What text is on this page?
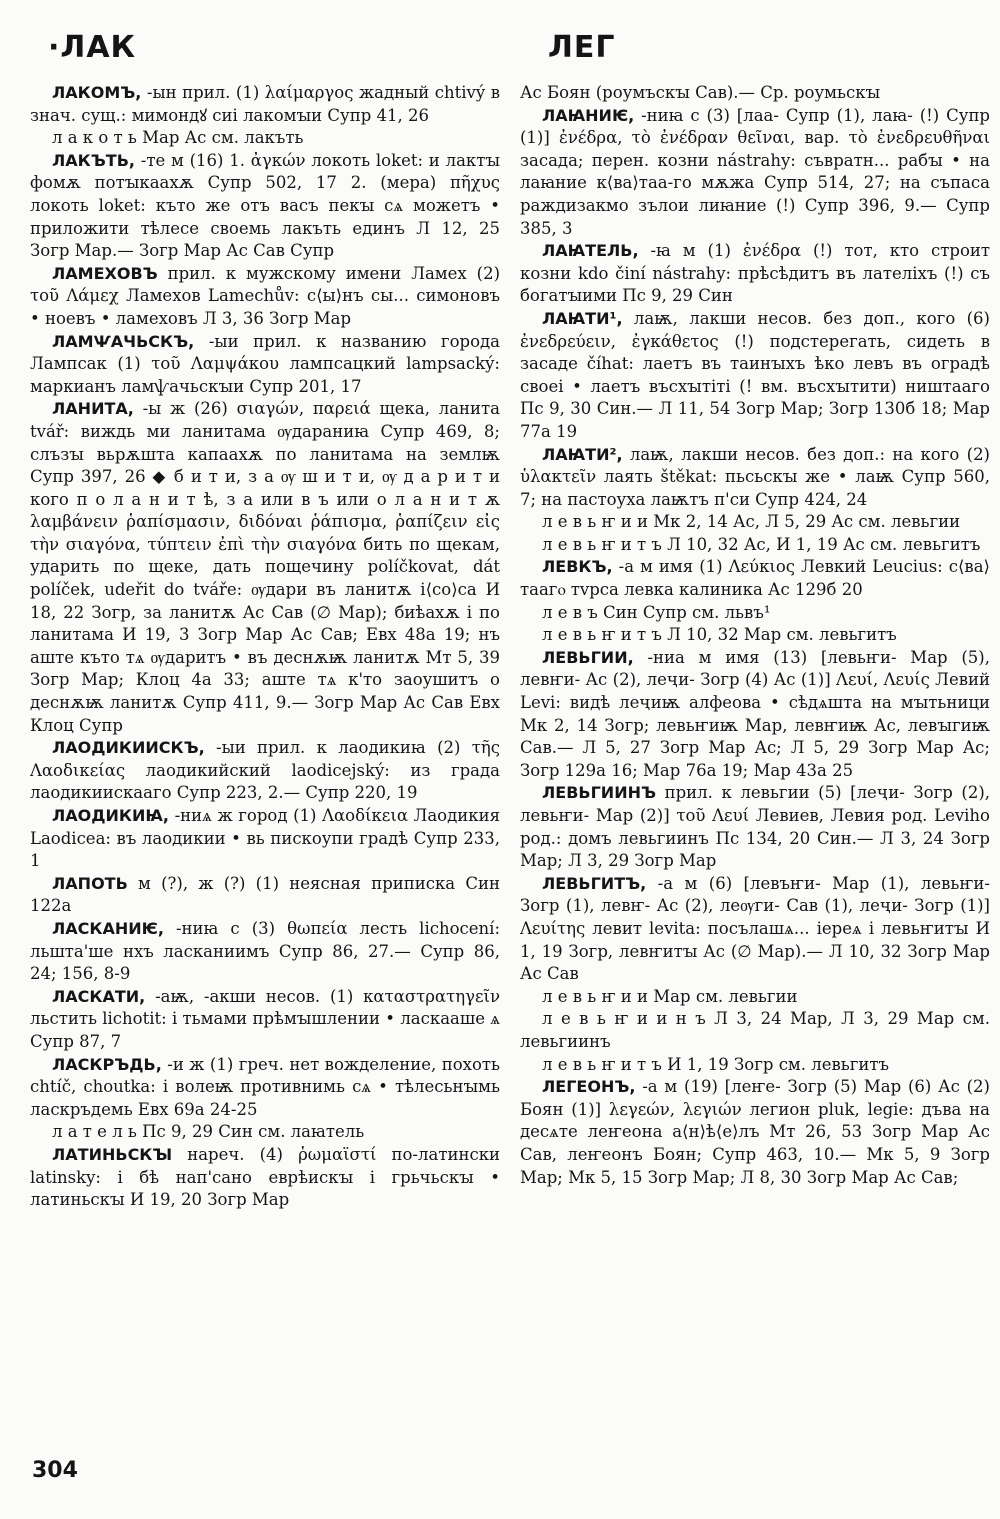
·ЛАК	ЛЕГ

ЛАКОМЪ, -ын прил. (1) λαίμαργος жадный chtivý в знач. сущ.: мимондꙋ сиі лакомꙑи Супр 41, 26

л а к о т ь Мар Ас см. лакъть

ЛАКЪТЬ, -те м (16) 1. ἀγκών локоть loket: и лактꙑ фомѫ потꙑкаахѫ Супр 502, 17 2. (мера) πῆχυς локоть loket: къто же отъ васъ пекꙑ сѧ можетъ • приложити тѣлесе своемь лакъть единъ Л 12, 25 Зогр Мар.— Зогр Мар Ас Сав Супр

ЛАМЕХОВЪ прил. к мужскому имени Ламех (2) τοῦ Λάμεχ Ламехов Lamechův: с⟨ы⟩нъ сы... симоновъ • ноевъ • ламеховъ Л 3, 36 Зогр Мар

ЛАМѰАЧЬСКЪ, -ыи прил. к названию города Лампсак (1) τοῦ Λαμψάκου лампсацкий lampsacký: маркианъ ламѱачьскꙑи Супр 201, 17

ЛАНИТА, -ы ж (26) σιαγών, παρειά щека, ланита tvář: виждь ми ланитама ѹдараниꙗ Супр 469, 8; слъзꙑ вьрѫшта капаахѫ по ланитама на землѭ Супр 397, 26 ◆ б и т и, з а ѹ ш и т и, ѹ д а р и т и кого п о л а н и т ѣ, з а или в ъ или о л а н и т ѫ λαμβάνειν ῥαπίσμασιν, διδόναι ῥάπισμα, ῥαπίζειν εἰς τὴν σιαγόνα, τύπτειν ἐπὶ τὴν σιαγόνα бить по щекам, ударить по щеке, дать пощечину políčkovat, dát políček, udeřit do tváře: ѹдари въ ланитѫ і⟨со⟩са И 18, 22 Зогр, за ланитѫ Ас Сав (∅ Мар); биѣахѫ і по ланитама И 19, 3 Зогр Мар Ас Сав; Евх 48а 19; нъ аште къто тѧ ѹдаритъ • въ деснѫѭ ланитѫ Мт 5, 39 Зогр Мар; Клоц 4а 33; аште тѧ к'то заоушитъ о деснѫѭ ланитѫ Супр 411, 9.— Зогр Мар Ас Сав Евх Клоц Супр

ЛАОДИКИИСКЪ, -ыи прил. к лаодикиꙗ (2) τῆς Λαοδικείας лаодикийский laodicejský: из града лаодикиискааго Супр 223, 2.— Супр 220, 19

ЛАОДИКИꙖ, -ниѧ ж город (1) Λαοδίκεια Лаодикия Laodicea: въ лаодикии • вь пискоупи градѣ Супр 233, 1

ЛАПОТЬ м (?), ж (?) (1) неясная приписка Син 122а

ЛАСКАНИѤ, -ниꙗ с (3) θωπεία лесть lichocení: льшта'ше нхъ ласканиимъ Супр 86, 27.— Супр 86, 24; 156, 8-9

ЛАСКАТИ, -аѭ, -акши несов. (1) καταστρατηγεῖν льстить lichotit: і тьмами прѣмꙑшлении • ласкааше ѧ Супр 87, 7

ЛАСКРЪДЬ, -и ж (1) греч. нет вожделение, похоть chtíč, choutka: і волеѭ противнимь сѧ • тѣлесьнꙑмь ласкръдемь Евх 69а 24-25

л а т е л ь Пс 9, 29 Син см. лаꙗтель

ЛАТИНЬСКꙐ нареч. (4) ῥωμαϊστί по-латински latinsky: і бѣ нап'сано еврѣискꙑ і грьчьскꙑ • латиньскꙑ И 19, 20 Зогр Мар

Ас Боян (роумъскꙑ Сав).— Ср. роумьскꙑ

ЛАꙖНИѤ, -ниꙗ с (3) [лаа- Супр (1), лаꙗ- (!) Супр (1)] ἐνέδρα, τὸ ἐνέδραν θεῖναι, вар. τὸ ἐνεδρευθῆναι засада; перен. козни nástrahy: съвратн... рабꙑ • на лаꙗние к⟨ва⟩таа-го мѫжа Супр 514, 27; на съпаса раждизакмо зълои лиꙗние (!) Супр 396, 9.— Супр 385, 3

ЛАꙖТЕЛЬ, -ꙗ м (1) ἐνέδρα (!) тот, кто строит козни kdo činí nástrahy: прѣсѣдитъ въ лателіхъ (!) съ богатꙑими Пс 9, 29 Син

ЛАꙖТИ¹, лаѭ, лакши несов. без доп., кого (6) ἐνεδρεύειν, ἐγκάθετος (!) подстерегать, сидеть в засаде číhat: лаетъ въ таинꙑхъ ѣко левъ въ оградѣ своеі • лаетъ въсхꙑтіті (! вм. въсхꙑтити) ништааго Пс 9, 30 Син.— Л 11, 54 Зогр Мар; Зогр 130б 18; Мар 77а 19

ЛАꙖТИ², лаѭ, лакши несов. без доп.: на кого (2) ὑλακτεῖν лаять štěkat: пьсьскꙑ же • лаѭ Супр 560, 7; на пастоуха лаѭтъ п'си Супр 424, 24

л е в ь ҥ и и Мк 2, 14 Ас, Л 5, 29 Ас см. левьгии

л е в ь ҥ и т ъ Л 10, 32 Ас, И 1, 19 Ас см. левьгитъ

ЛЕВКЪ, -а м имя (1) Λεύκιος Левкий Leucius: с⟨ва⟩таагⲟ тvрса левка калиника Ас 129б 20

л е в ъ Син Супр см. львъ¹

л е в ь ҥ и т ъ Л 10, 32 Мар см. левьгитъ

ЛЕВЬГИИ, -ниа м имя (13) [левьҥи- Мар (5), левҥи- Ас (2), леҷи- Зогр (4) Ас (1)] Λευί, Λευίς Левий Levi: видѣ леҷиѭ алфеова • сѣдѧшта на мꙑтьници Мк 2, 14 Зогр; левьҥиѭ Мар, левҥиѭ Ас, левꙑгиѭ Сав.— Л 5, 27 Зогр Мар Ас; Л 5, 29 Зогр Мар Ас; Зогр 129а 16; Мар 76а 19; Мар 43а 25

ЛЕВЬГИИНЪ прил. к левьгии (5) [леҷи- Зогр (2), левьҥи- Мар (2)] τοῦ Λευί Левиев, Левия род. Leviho род.: домъ левьгиинъ Пс 134, 20 Син.— Л 3, 24 Зогр Мар; Л 3, 29 Зогр Мар

ЛЕВЬГИТЪ, -а м (6) [левъҥи- Мар (1), левьҥи- Зогр (1), левҥ- Ас (2), леѹги- Сав (1), леҷи- Зогр (1)] Λευίτης левит levita: посълашѧ... іереѧ і левьҥитꙑ И 1, 19 Зогр, левҥитꙑ Ас (∅ Мар).— Л 10, 32 Зогр Мар Ас Сав

л е в ь ҥ и и Мар см. левьгии

л е в ь ҥ и и н ъ Л 3, 24 Мар, Л 3, 29 Мар см. левьгиинъ

л е в ь ҥ и т ъ И 1, 19 Зогр см. левьгитъ

ЛЕГЕОНЪ, -а м (19) [леҥе- Зогр (5) Мар (6) Ас (2) Боян (1)] λεγεών, λεγιών легион pluk, legie: дъва на десѧте леҥеона а⟨н⟩ѣ⟨е⟩лъ Мт 26, 53 Зогр Мар Ас Сав, леҥеонъ Боян; Супр 463, 10.— Мк 5, 9 Зогр Мар; Мк 5, 15 Зогр Мар; Л 8, 30 Зогр Мар Ас Сав;

304
